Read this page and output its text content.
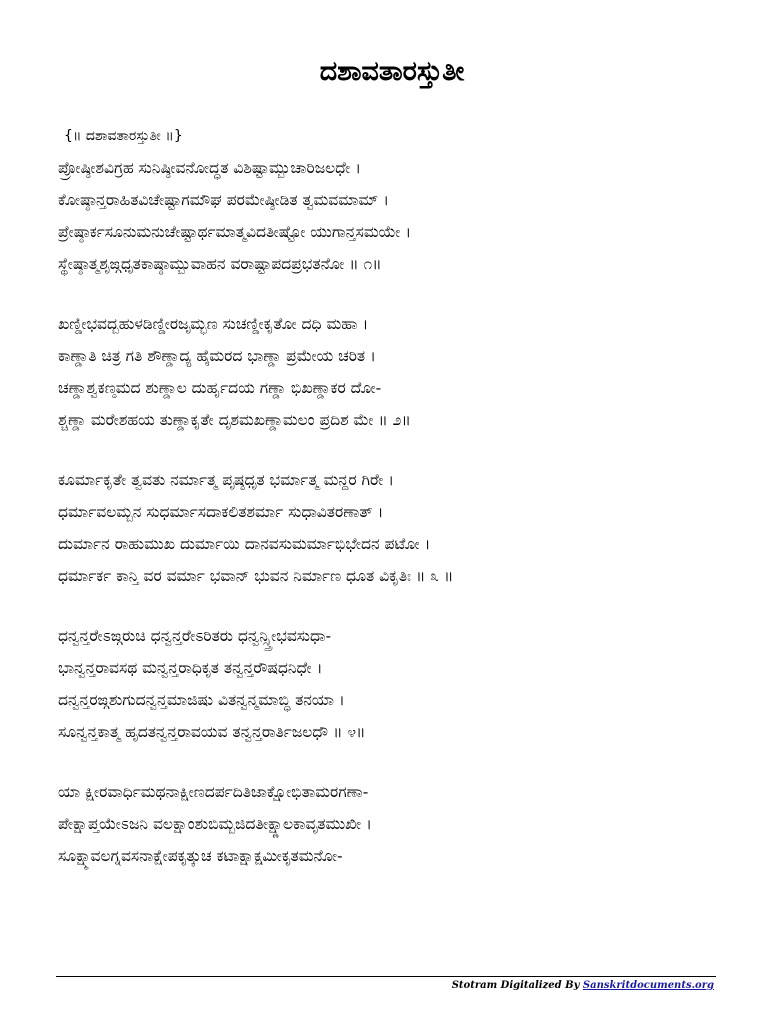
ದಶಾವತಾರಸ್ತುತೀ
{॥ ದಶಾವತಾರಸ್ತುತೀ ॥}
ಪ್ರೋಷ್ಠೀಶವಿಗ್ರಹ ಸುನಿಷ್ಠೀವನೋದ್ಧತ ವಿಶಿಷ್ಟಾಮ್ಬುಚಾರಿಜಲಧೇ ।
ಕೋಷ್ಠಾನ್ತರಾಹಿತವಿಚೇಷ್ಟಾಗಮೌಘ ಪರಮೇಷ್ಠೀಡಿತ ತ್ವಮವಮಾಮ್ ।
ಪ್ರೇಷ್ಠಾರ್ಕಸೂನುಮನುಚೇಷ್ಟಾರ್ಥಮಾತ್ಮವಿದತೀಷ್ಟೋ ಯುಗಾನ್ತಸಮಯೇ ।
ಸ್ಥೇಷ್ಠಾತ್ಮಶೃಙ್ಗಧೃತಕಾಷ್ಠಾಮ್ಬುವಾಹನ ವರಾಷ್ಟಾಪದಪ್ರಭತನೋ ॥ ೧॥
ಖಣ್ಡೀಭವದ್ಬಹುಳಡಿಣ್ಡೀರಜೃಮ್ಭಣ ಸುಚಣ್ಡೀಕೃತೋ ದಧಿ ಮಹಾ ।
ಕಾಣ್ಡಾತಿ ಚಿತ್ರ ಗತಿ ಶೌಣ್ಡಾದ್ಯ ಹೈಮರದ ಭಾಣ್ಡಾ ಪ್ರಮೇಯ ಚರಿತ ।
ಚಣ್ಡಾಶ್ವಕಣ್ಠಮದ ಶುಣ್ಡಾಲ ದುರ್ಹೃದಯ ಗಣ್ಡಾ ಭಿಖಣ್ಡಾಕರ ದೋ-
ಶ್ಚಣ್ಡಾ ಮರೇಶಹಯ ತುಣ್ಡಾಕೃತೇ ದೃಶಮಖಣ್ಡಾಮಲಂ ಪ್ರದಿಶ ಮೇ ॥ ೨॥
ಕೂರ್ಮಾಕೃತೇ ತ್ವವತು ನರ್ಮಾತ್ಮ ಪೃಷ್ಠಧೃತ ಭರ್ಮಾತ್ಮ ಮನ್ದರ ಗಿರೇ ।
ಧರ್ಮಾವಲಮ್ಬನ ಸುಧರ್ಮಾಸದಾಕಲಿತಶರ್ಮಾ ಸುಧಾವಿತರಣಾತ್ ।
ದುರ್ಮಾನ ರಾಹುಮುಖ ದುರ್ಮಾಯಿ ದಾನವಸುಮರ್ಮಾಭಿಭೇದನ ಪಟೋ ।
ಧರ್ಮಾರ್ಕ ಕಾನ್ತಿ ವರ ವರ್ಮಾ ಭವಾನ್ ಭುವನ ನಿರ್ಮಾಣ ಧೂತ ವಿಕೃತಿಃ ॥ ೩ ॥
ಧನ್ವನ್ತರೇಽಙ್ಗರುಚಿ ಧನ್ವನ್ತರೇಽರಿತರು ಧನ್ವನ್ಸ್ತ್ರೀಭವಸುಧಾ-
ಭಾನ್ವನ್ತರಾವಸಥ ಮನ್ವನ್ತರಾಧಿಕೃತ ತನ್ವನ್ತರೌಷಧನಿಧೇ ।
ದನ್ವನ್ತರಙ್ಗಶುಗುದನ್ವನ್ತಮಾಜಿಷು ವಿತನ್ವನ್ಮಮಾಬ್ಧಿ ತನಯಾ ।
ಸೂನ್ವನ್ತಕಾತ್ಮ ಹೃದತನ್ವನ್ತರಾವಯವ ತನ್ವನ್ತರಾರ್ತಿಜಲಧೌ ॥ ೪॥
ಯಾ ಕ್ಷೀರವಾರ್ಧಿಮಥನಾಕ್ಷೀಣದರ್ಪದಿತಿಜಾಕ್ಷೋಭಿತಾಮರಗಣಾ-
ಪೇಕ್ಷಾಪ್ತಯೇಽಜನಿ ವಲಕ್ಷಾಂಶುಬಿಮ್ಬಜಿದತೀಕ್ಷ್ಣಾಲಕಾವೃತಮುಖೀ ।
ಸೂಕ್ಷ್ಮಾವಲಗ್ನವಸನಾಕ್ಷೇಪಕೃತ್ಕುಚ ಕಟಾಕ್ಷಾಕ್ಷಮೀಕೃತಮನೋ-
Stotram Digitalized By Sanskritdocuments.org
